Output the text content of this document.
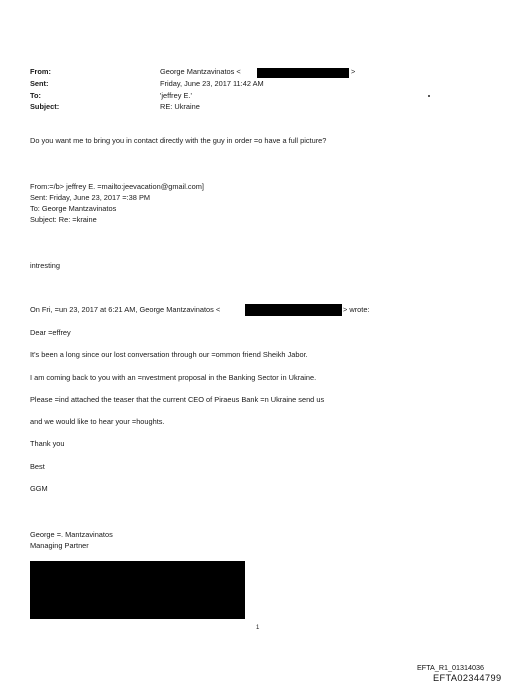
From:
Sent:
To:
Subject:
George Mantzavinatos <	>
Friday, June 23, 2017 11:42 AM
'jeffrey E.'
RE: Ukraine
Do you want me to bring you in contact directly with the guy in order =o have a full picture?
From:=/b> jeffrey E. =mailto:jeevacation@gmail.com]
Sent: Friday, June 23, 2017 =:38 PM
To: George Mantzavinatos
Subject: Re: =kraine
intresting
On Fri, =un 23, 2017 at 6:21 AM, George Mantzavinatos <	> wrote:
Dear =effrey
It's been a long since our lost conversation through our =ommon friend Sheikh Jabor.
I am coming back to you with an =nvestment proposal in the Banking Sector in Ukraine.
Please =ind attached the teaser that the current CEO of Piraeus Bank =n Ukraine send us
and we would like to hear your =houghts.
Thank you
Best
GGM
George =. Mantzavinatos
Managing Partner
1
EFTA_R1_01314036
EFTA02344799
